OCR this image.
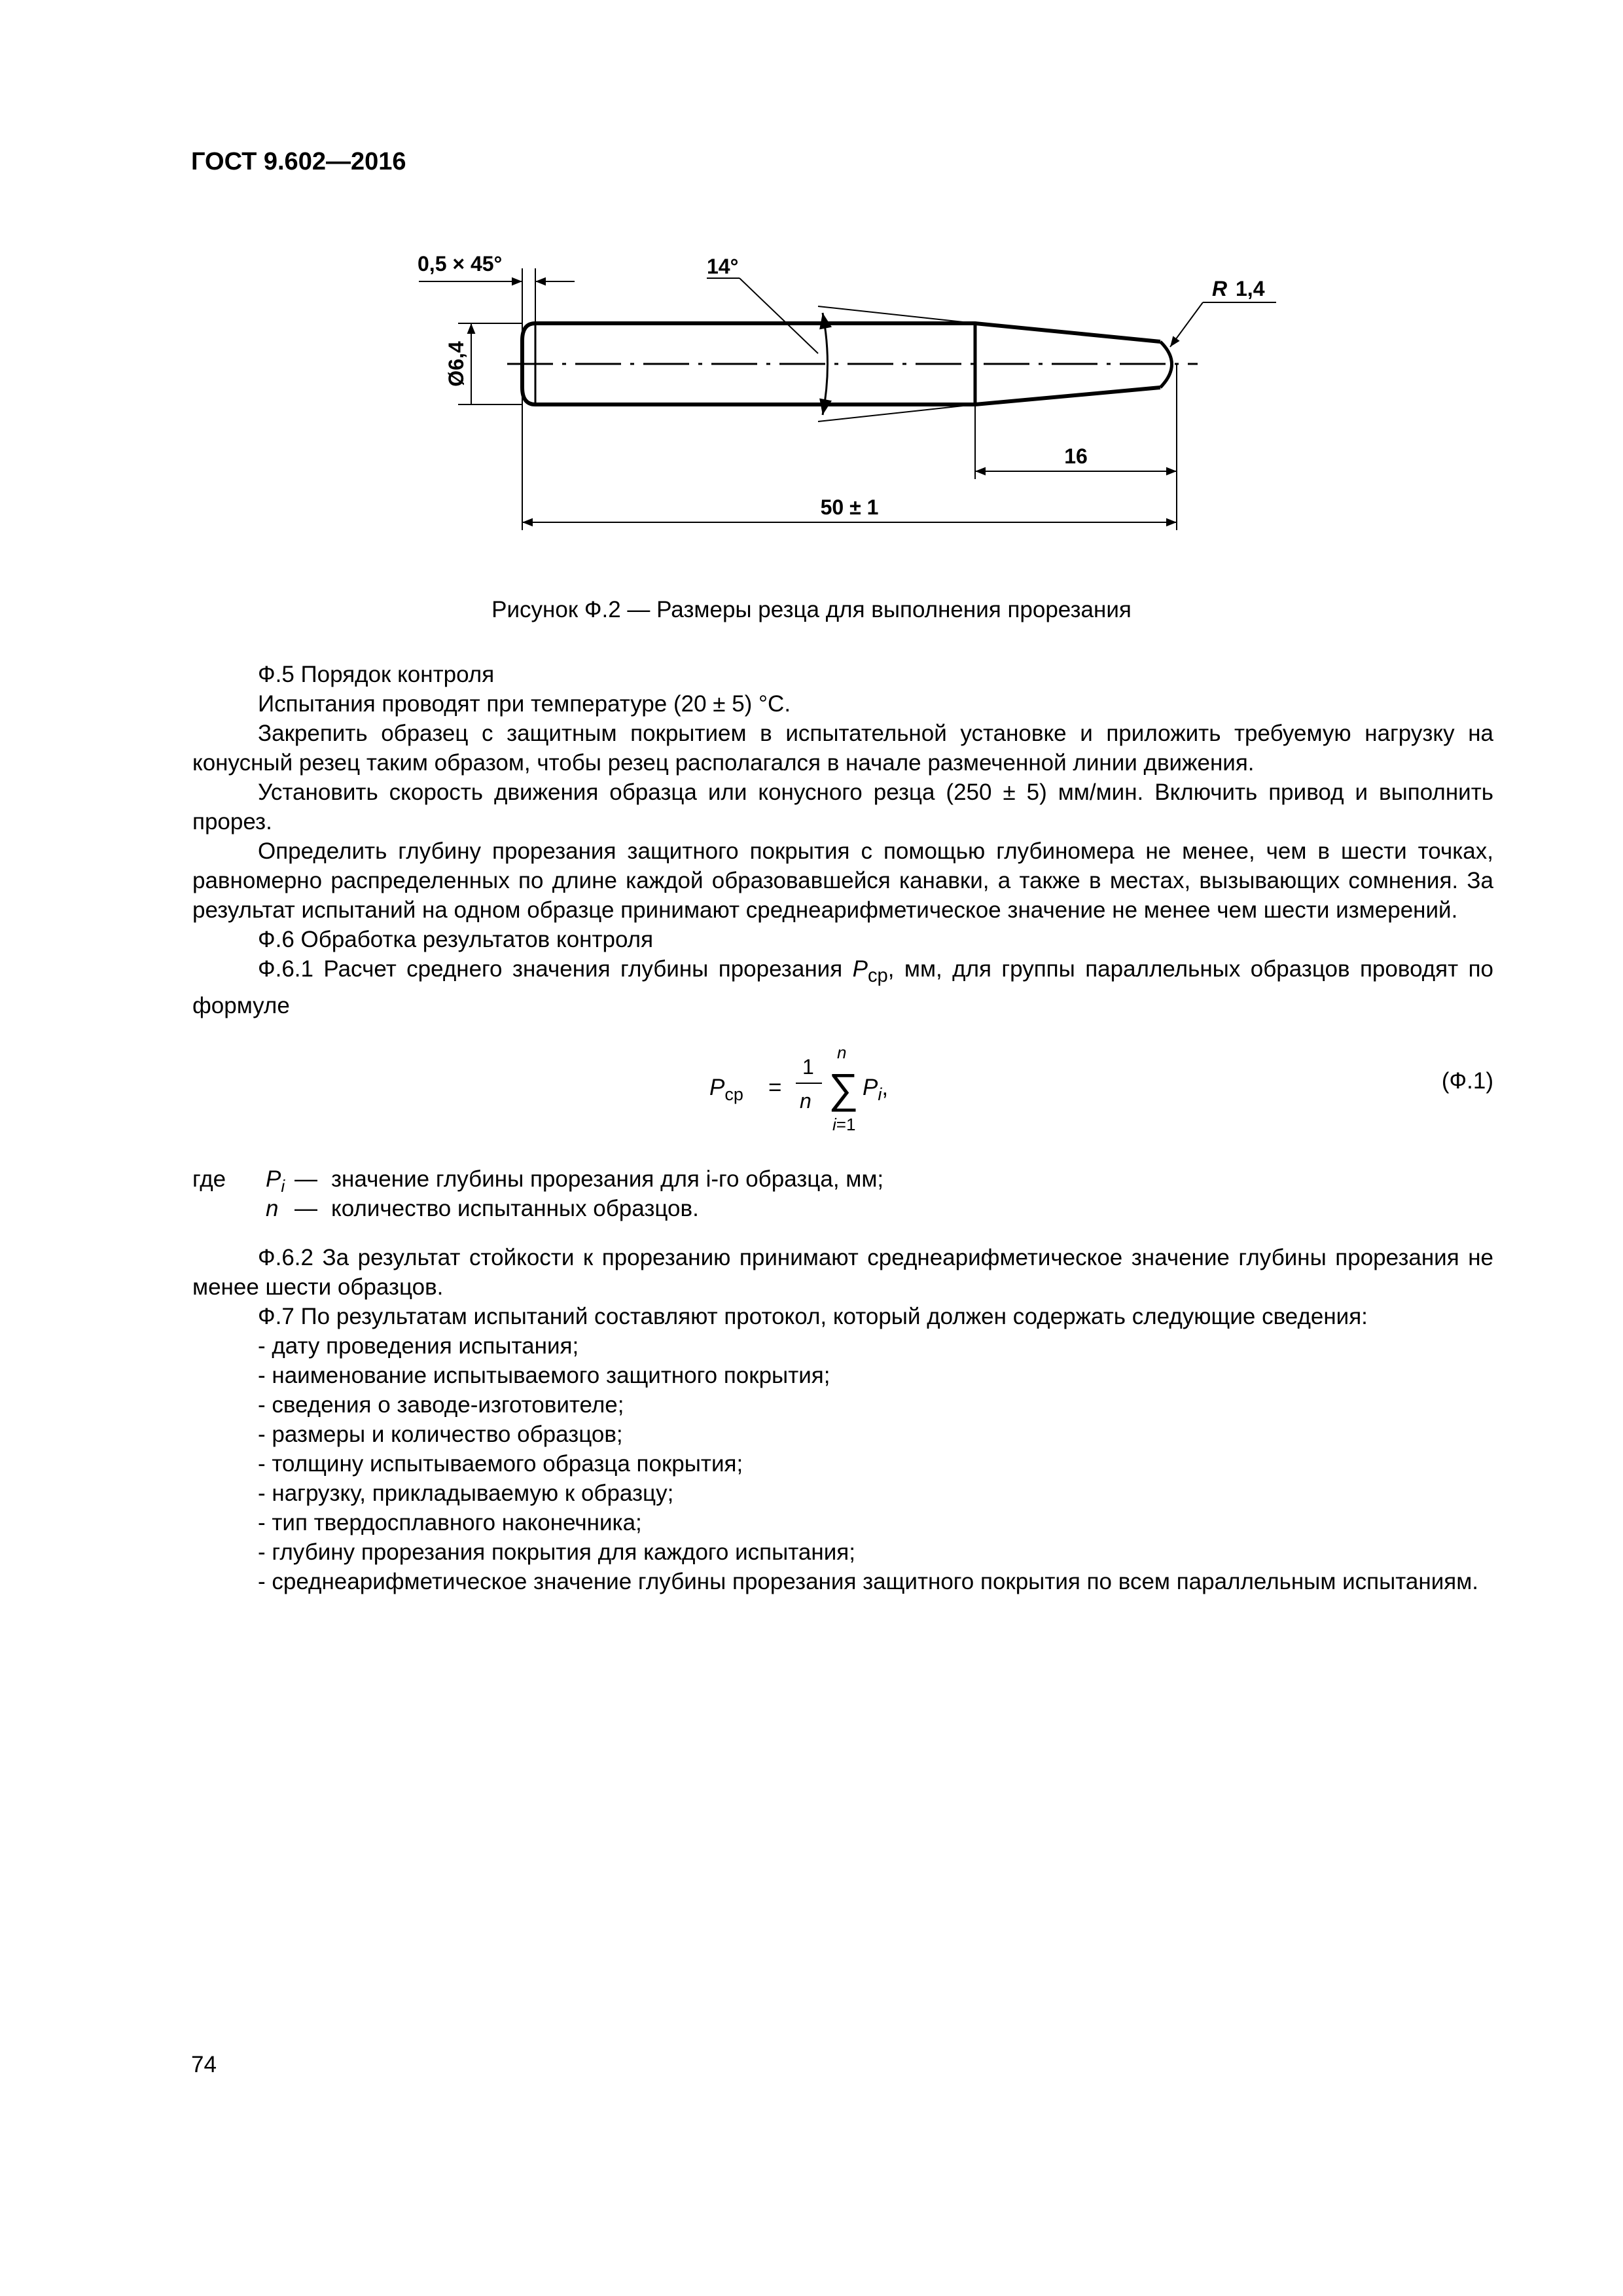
ГОСТ 9.602—2016
0,5 × 45°	14°
R 1,4
Ø6,4
16
50 ± 1
Рисунок Ф.2 — Размеры резца для выполнения прорезания

Ф.5 Порядок контроля

Испытания проводят при температуре (20 ± 5) °С.

Закрепить образец с защитным покрытием в испытательной установке и приложить требуемую нагрузку на конусный резец таким образом, чтобы резец располагался в начале размеченной линии движения.

Установить скорость движения образца или конусного резца (250 ± 5) мм/мин. Включить привод и выполнить прорез.

Определить глубину прорезания защитного покрытия с помощью глубиномера не менее, чем в шести точках, равномерно распределенных по длине каждой образовавшейся канавки, а также в местах, вызывающих сомнения. За результат испытаний на одном образце принимают среднеарифметическое значение не менее чем шести измерений.

Ф.6 Обработка результатов контроля

Ф.6.1 Расчет среднего значения глубины прорезания $P_{ср}$, мм, для группы параллельных образцов проводят по формуле

$P_{ср}$ =
1
n
n
∑
i=1
$P_i$,	(Ф.1)
где $P_i$ — значение глубины прорезания для i-го образца, мм;
n — количество испытанных образцов.

Ф.6.2 За результат стойкости к прорезанию принимают среднеарифметическое значение глубины прорезания не менее шести образцов.

Ф.7 По результатам испытаний составляют протокол, который должен содержать следующие сведения:

- дату проведения испытания;

- наименование испытываемого защитного покрытия;

- сведения о заводе-изготовителе;

- размеры и количество образцов;

- толщину испытываемого образца покрытия;

- нагрузку, прикладываемую к образцу;

- тип твердосплавного наконечника;

- глубину прорезания покрытия для каждого испытания;

- среднеарифметическое значение глубины прорезания защитного покрытия по всем параллельным испытаниям.

74
